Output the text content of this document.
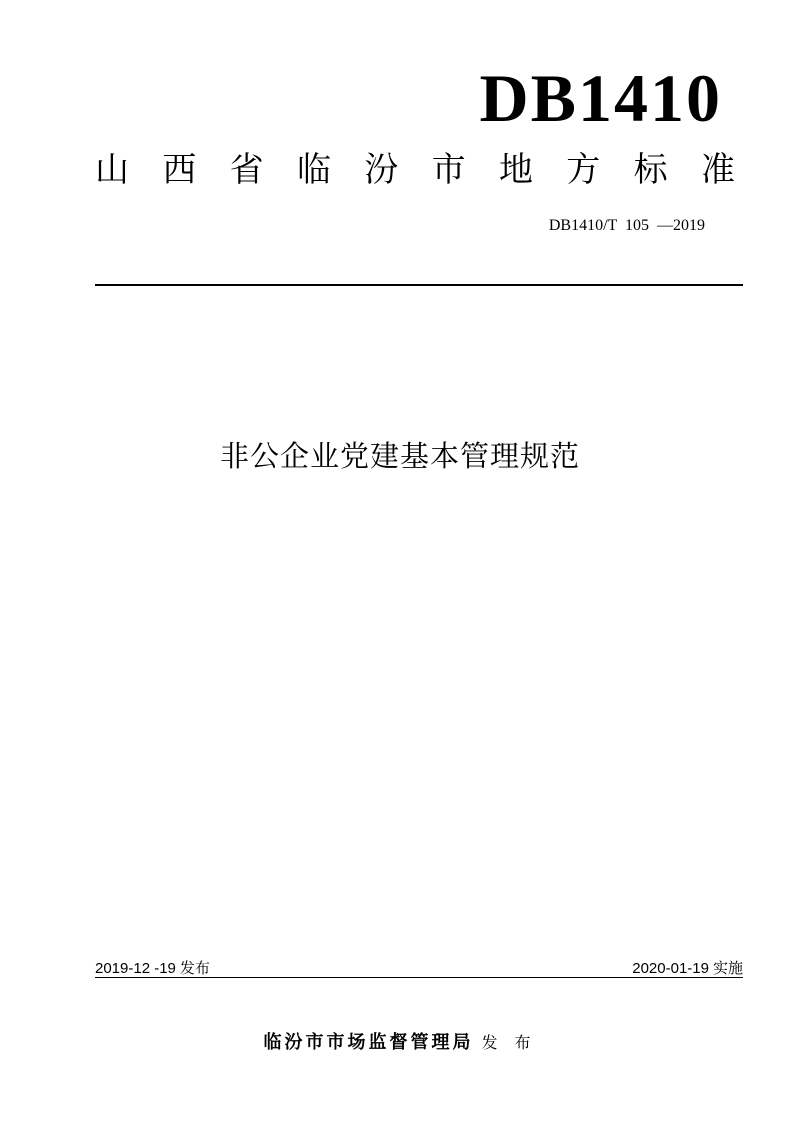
DB1410
山 西 省 临 汾 市 地 方 标 准
DB1410/T  105  —2019
非公企业党建基本管理规范
2019-12 -19 发布	2020-01-19 实施
临汾市市场监督管理局 发 布
